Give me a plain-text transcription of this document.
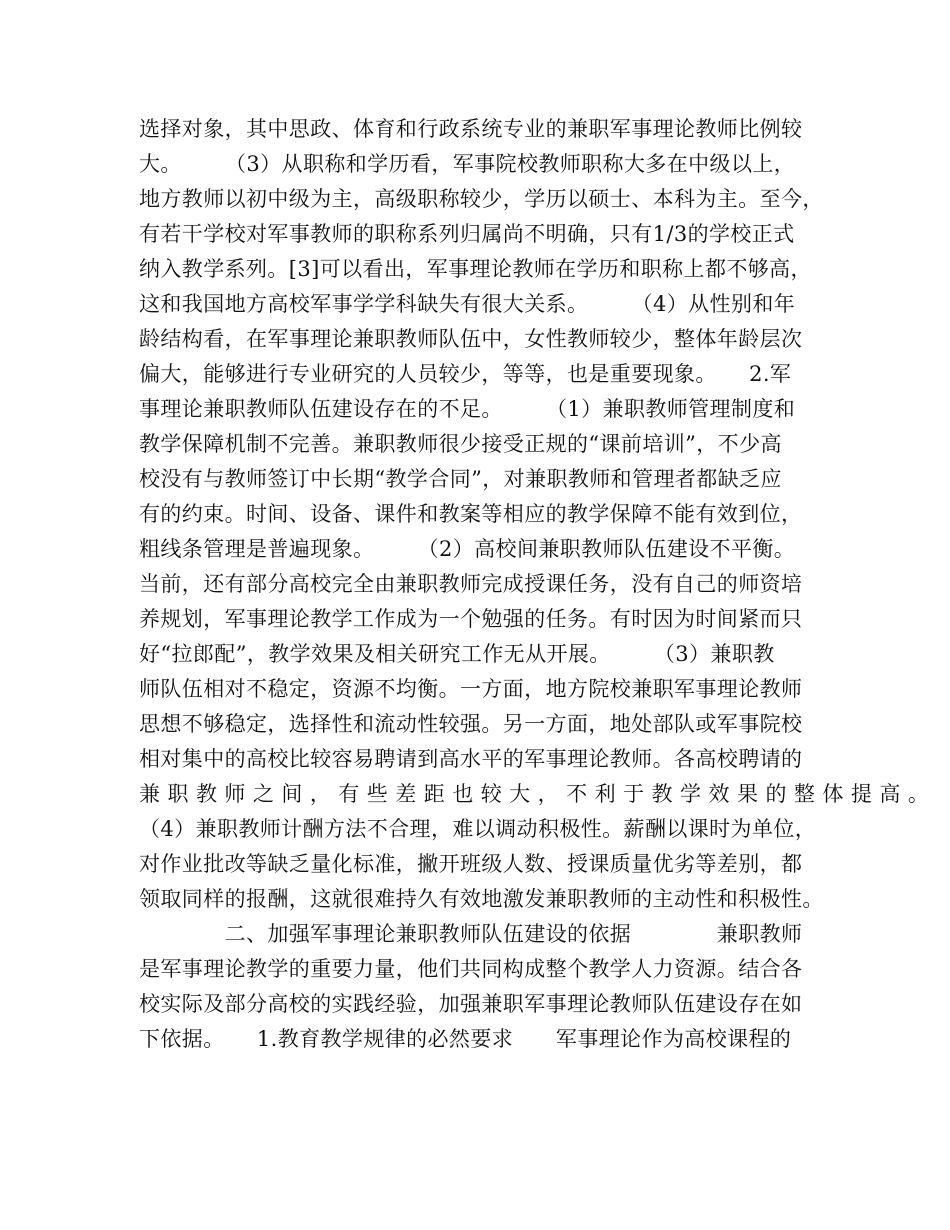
选择对象，其中思政、体育和行政系统专业的兼职军事理论教师比例较
大。　　　（3）从职称和学历看，军事院校教师职称大多在中级以上，
地方教师以初中级为主，高级职称较少，学历以硕士、本科为主。至今，
有若干学校对军事教师的职称系列归属尚不明确，只有1/3的学校正式
纳入教学系列。[3]可以看出，军事理论教师在学历和职称上都不够高，
这和我国地方高校军事学学科缺失有很大关系。　　　（4）从性别和年
龄结构看，在军事理论兼职教师队伍中，女性教师较少，整体年龄层次
偏大，能够进行专业研究的人员较少，等等，也是重要现象。　　2.军
事理论兼职教师队伍建设存在的不足。　　　（1）兼职教师管理制度和
教学保障机制不完善。兼职教师很少接受正规的“课前培训”，不少高
校没有与教师签订中长期“教学合同”，对兼职教师和管理者都缺乏应
有的约束。时间、设备、课件和教案等相应的教学保障不能有效到位，
粗线条管理是普遍现象。　　　（2）高校间兼职教师队伍建设不平衡。
当前，还有部分高校完全由兼职教师完成授课任务，没有自己的师资培
养规划，军事理论教学工作成为一个勉强的任务。有时因为时间紧而只
好“拉郎配”，教学效果及相关研究工作无从开展。　　　（3）兼职教
师队伍相对不稳定，资源不均衡。一方面，地方院校兼职军事理论教师
思想不够稳定，选择性和流动性较强。另一方面，地处部队或军事院校
相对集中的高校比较容易聘请到高水平的军事理论教师。各高校聘请的
兼 职 教 师 之 间 ， 有 些 差 距 也 较 大 ， 不 利 于 教 学 效 果 的 整 体 提 高 。
（4）兼职教师计酬方法不合理，难以调动积极性。薪酬以课时为单位，
对作业批改等缺乏量化标准，撇开班级人数、授课质量优劣等差别，都
领取同样的报酬，这就很难持久有效地激发兼职教师的主动性和积极性。
　　　　二、加强军事理论兼职教师队伍建设的依据　　　　兼职教师
是军事理论教学的重要力量，他们共同构成整个教学人力资源。结合各
校实际及部分高校的实践经验，加强兼职军事理论教师队伍建设存在如
下依据。　　1.教育教学规律的必然要求　　军事理论作为高校课程的
